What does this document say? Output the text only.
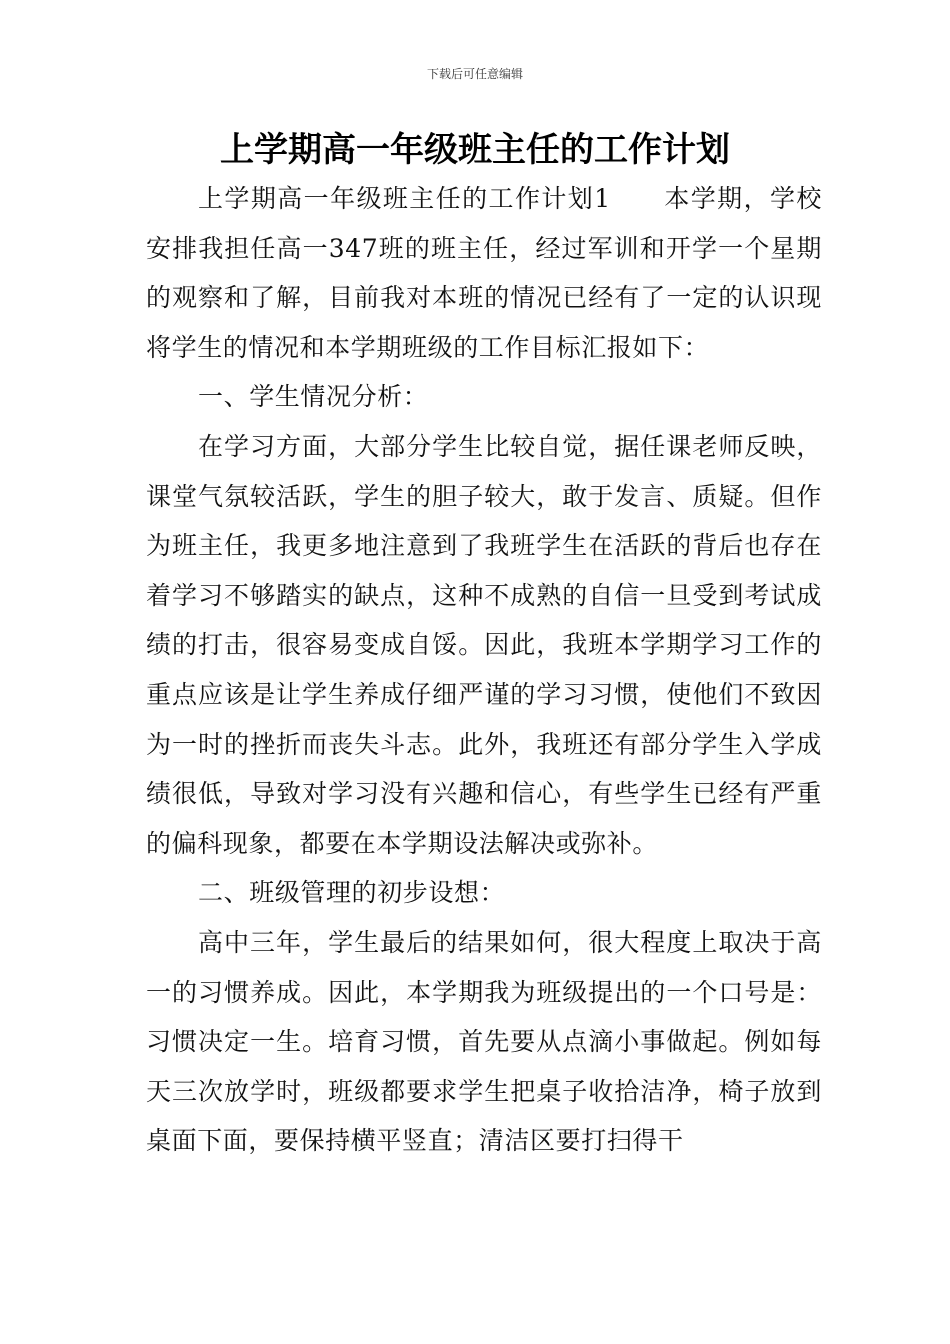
下载后可任意编辑
上学期高一年级班主任的工作计划

上学期高一年级班主任的工作计划1　　本学期，学校安排我担任高一347班的班主任，经过军训和开学一个星期的观察和了解，目前我对本班的情况已经有了一定的认识现将学生的情况和本学期班级的工作目标汇报如下：

一、学生情况分析：

在学习方面，大部分学生比较自觉，据任课老师反映，课堂气氛较活跃，学生的胆子较大，敢于发言、质疑。但作为班主任，我更多地注意到了我班学生在活跃的背后也存在着学习不够踏实的缺点，这种不成熟的自信一旦受到考试成绩的打击，很容易变成自馁。因此，我班本学期学习工作的重点应该是让学生养成仔细严谨的学习习惯，使他们不致因为一时的挫折而丧失斗志。此外，我班还有部分学生入学成绩很低，导致对学习没有兴趣和信心，有些学生已经有严重的偏科现象，都要在本学期设法解决或弥补。

二、班级管理的初步设想：

高中三年，学生最后的结果如何，很大程度上取决于高一的习惯养成。因此，本学期我为班级提出的一个口号是：习惯决定一生。培育习惯，首先要从点滴小事做起。例如每天三次放学时，班级都要求学生把桌子收拾洁净，椅子放到桌面下面，要保持横平竖直；清洁区要打扫得干
